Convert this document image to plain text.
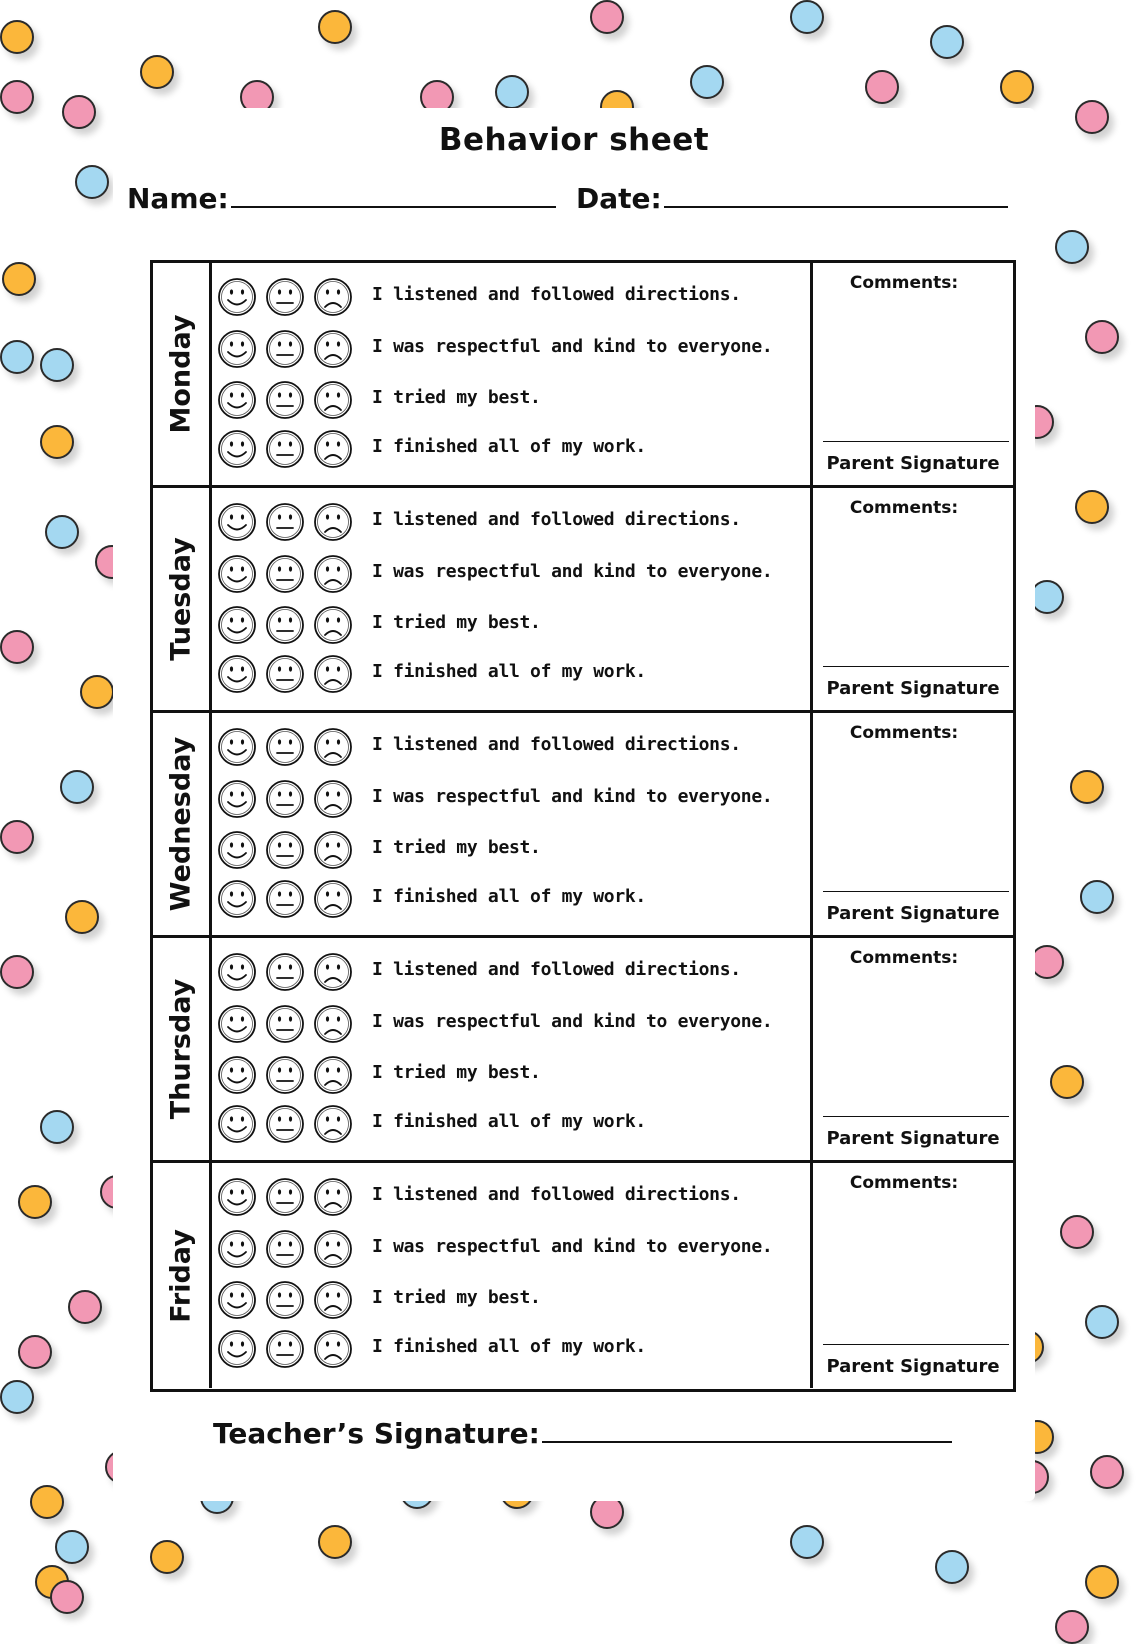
Behavior sheet
Name:	Date:
Monday
I listened and followed directions.
I was respectful and kind to everyone.
I tried my best.
I finished all of my work.
Comments:
Parent Signature
Tuesday
I listened and followed directions.
I was respectful and kind to everyone.
I tried my best.
I finished all of my work.
Comments:
Parent Signature
Wednesday	I listened and followed directions.
I was respectful and kind to everyone.
I tried my best.
I finished all of my work.
Comments:
Parent Signature
Thursday
I listened and followed directions.
I was respectful and kind to everyone.
I tried my best.
I finished all of my work.
Comments:
Parent Signature
Friday
I listened and followed directions.
I was respectful and kind to everyone.
I tried my best.
I finished all of my work.
Comments:
Parent Signature
Teacher’s Signature:
